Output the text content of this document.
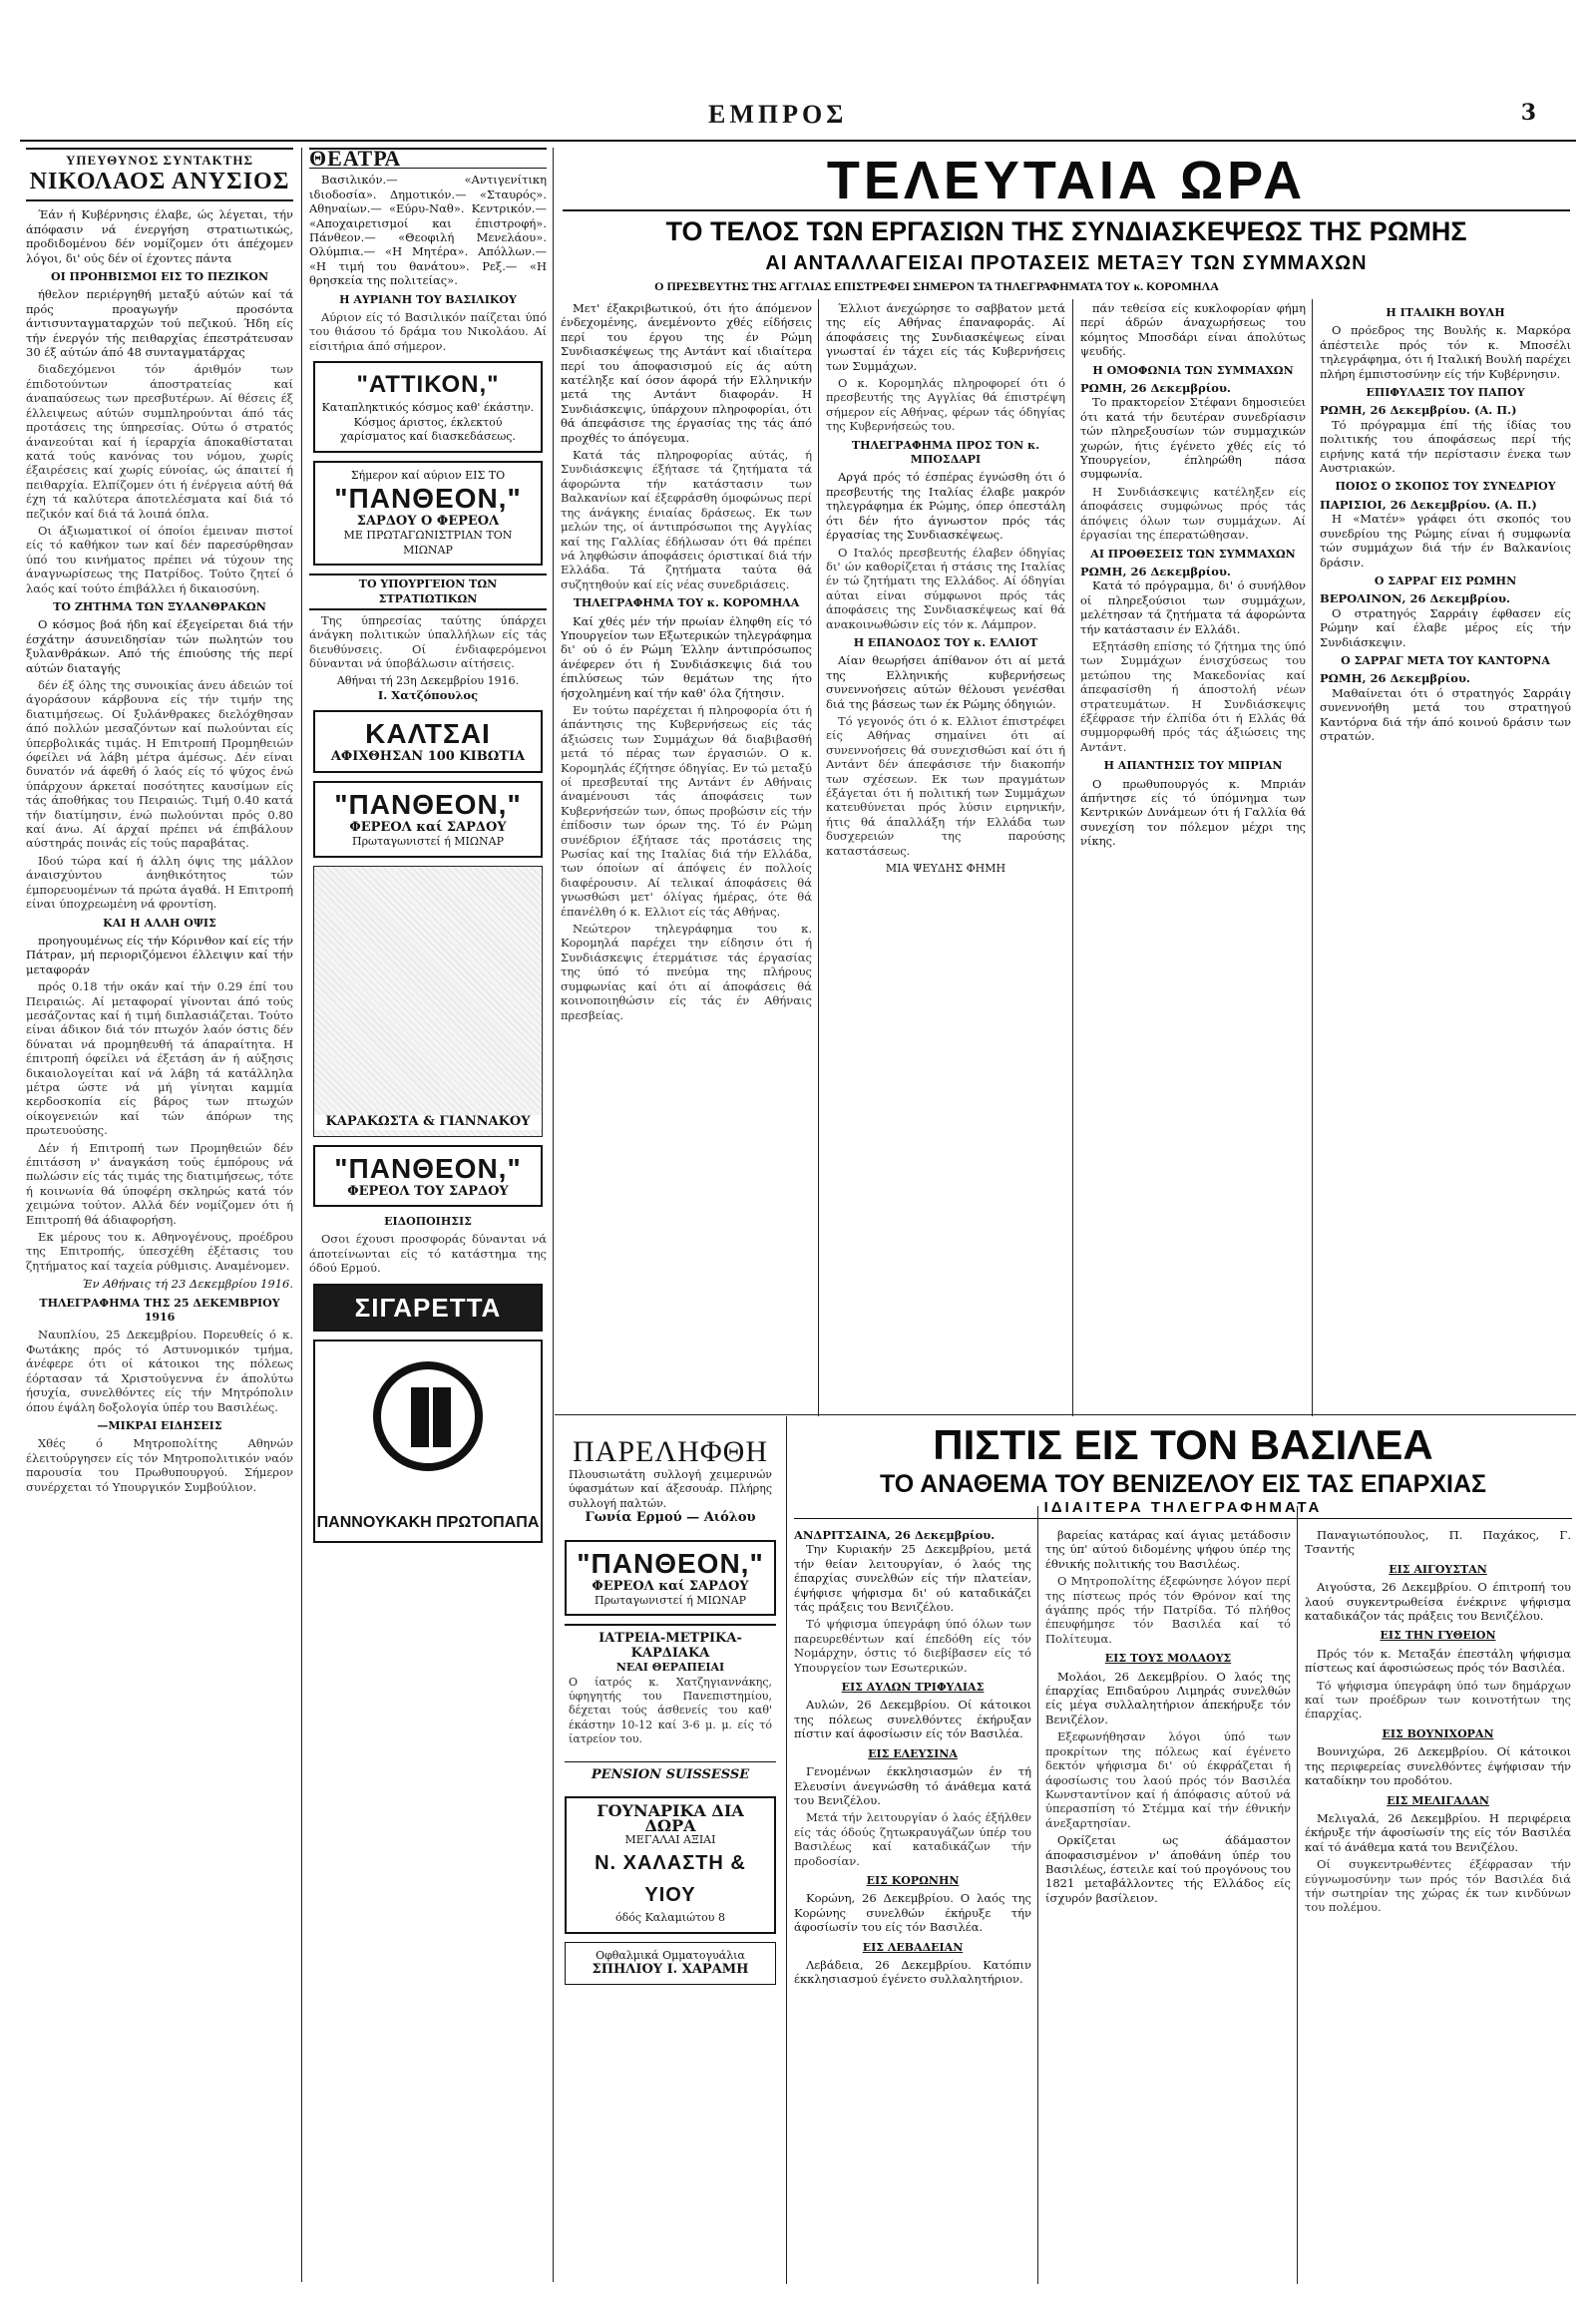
ΕΜΠΡΟΣ	3
ΥΠΕΥΘΥΝΟΣ ΣΥΝΤΑΚΤΗΣ
ΝΙΚΟΛΑΟΣ ΑΝΥΣΙΟΣ

Έάν ή Κυβέρνησις έλαβε, ώς λέγεται, τήν άπόφασιν νά ένεργήση στρατιωτικώς, προδιδομένου δέν νομίζομεν ότι άπέχομεν λόγοι, δι' ούς δέν οί έχοντες πάντα

ΟΙ ΠΡΟΗΒΙΣΜΟΙ ΕΙΣ ΤΟ ΠΕΖΙΚΟΝ

ήθελον περιέργηθή μεταξύ αύτών καί τά πρός προαγωγήν προσόντα άντισυνταγματαρχών τού πεζικού. Ήδη είς τήν ένεργόν τής πειθαρχίας έπεστράτευσαν 30 έξ αύτών άπό 48 συνταγματάρχας

διαδεχόμενοι τόν άριθμόν των έπιδοτούντων άποστρατείας καί άναπαύσεως των πρεσβυτέρων. Αί θέσεις έξ έλλειψεως αύτών συμπληρούνται άπό τάς προτάσεις της ύπηρεσίας. Ούτω ό στρατός άνανεούται καί ή ίεραρχία άποκαθίσταται κατά τούς κανόνας του νόμου, χωρίς έξαιρέσεις καί χωρίς εύνοίας, ώς άπαιτεί ή πειθαρχία. Ελπίζομεν ότι ή ένέργεια αύτή θά έχη τά καλύτερα άποτελέσματα καί διά τό πεζικόν καί διά τά λοιπά όπλα.

Οι άξιωματικοί οί όποίοι έμειναν πιστοί είς τό καθήκον των καί δέν παρεσύρθησαν ύπό του κινήματος πρέπει νά τύχουν της άναγνωρίσεως της Πατρίδος. Τούτο ζητεί ό λαός καί τούτο έπιβάλλει ή δικαιοσύνη.

ΤΟ ΖΗΤΗΜΑ ΤΩΝ ΞΥΛΑΝΘΡΑΚΩΝ

Ο κόσμος βοά ήδη καί έξεγείρεται διά τήν έσχάτην άσυνειδησίαν τών πωλητών του ξυλανθράκων. Από τής έπιούσης τής περί αύτών διαταγής

δέν έξ όλης της συνοικίας άνευ άδειών τοί άγοράσουν κάρβουνα είς τήν τιμήν της διατιμήσεως. Οί ξυλάνθρακες διελόχθησαν άπό πολλών μεσαζόντων καί πωλούνται είς ύπερβολικάς τιμάς. Η Επιτροπή Προμηθειών όφείλει νά λάβη μέτρα άμέσως. Δέν είναι δυνατόν νά άφεθή ό λαός είς τό ψύχος ένώ ύπάρχουν άρκεταί ποσότητες καυσίμων είς τάς άποθήκας του Πειραιώς. Τιμή 0.40 κατά τήν διατίμησιν, ένώ πωλούνται πρός 0.80 καί άνω. Αί άρχαί πρέπει νά έπιβάλουν αύστηράς ποινάς είς τούς παραβάτας.

Ιδού τώρα καί ή άλλη όψις της μάλλον άναισχύντου άνηθικότητος τών έμπορευομένων τά πρώτα άγαθά. Η Επιτροπή είναι ύποχρεωμένη νά φροντίση.

ΚΑΙ Η ΑΛΛΗ ΟΨΙΣ

προηγουμένως είς τήν Κόρινθον καί είς τήν Πάτραν, μή περιοριζόμενοι έλλειψιν καί τήν μεταφοράν

πρός 0.18 τήν οκάν καί τήν 0.29 έπί του Πειραιώς. Αί μεταφοραί γίνονται άπό τούς μεσάζοντας καί ή τιμή διπλασιάζεται. Τούτο είναι άδικον διά τόν πτωχόν λαόν όστις δέν δύναται νά προμηθευθή τά άπαραίτητα. Η έπιτροπή όφείλει νά έξετάση άν ή αύξησις δικαιολογείται καί νά λάβη τά κατάλληλα μέτρα ώστε νά μή γίνηται καμμία κερδοσκοπία είς βάρος των πτωχών οίκογενειών καί τών άπόρων της πρωτευούσης.

Δέν ή Επιτροπή των Προμηθειών δέν έπιτάσση ν' άναγκάση τούς έμπόρους νά πωλώσιν είς τάς τιμάς της διατιμήσεως, τότε ή κοινωνία θά ύποφέρη σκληρώς κατά τόν χειμώνα τούτον. Αλλά δέν νομίζομεν ότι ή Επιτροπή θά άδιαφορήση.

Εκ μέρους του κ. Αθηνογένους, προέδρου της Επιτροπής, ύπεσχέθη έξέτασις του ζητήματος καί ταχεία ρύθμισις. Αναμένομεν.

Έν Αθήναις τή 23 Δεκεμβρίου 1916.
ΤΗΛΕΓΡΑΦΗΜΑ ΤΗΣ 25 ΔΕΚΕΜΒΡΙΟΥ 1916

Ναυπλίου, 25 Δεκεμβρίου. Πορευθείς ό κ. Φωτάκης πρός τό Αστυνομικόν τμήμα, άνέφερε ότι οί κάτοικοι της πόλεως έόρτασαν τά Χριστούγεννα έν άπολύτω ήσυχία, συνελθόντες είς τήν Μητρόπολιν όπου έψάλη δοξολογία ύπέρ του Βασιλέως.

—ΜΙΚΡΑΙ ΕΙΔΗΣΕΙΣ

Χθές ό Μητροπολίτης Αθηνών έλειτούργησεν είς τόν Μητροπολιτικόν ναόν παρουσία του Πρωθυπουργού. Σήμερον συνέρχεται τό Υπουργικόν Συμβούλιον.

ΘΕΑΤΡΑ

Βασιλικόν.— «Αντιγενίτικη ιδιοδοσία». Δημοτικόν.— «Σταυρός». Αθηναίων.— «Εύρυ-Ναθ». Κεντρικόν.— «Αποχαιρετισμοί και έπιστροφή». Πάνθεον.— «Θεοφιλή Μενελάου». Ολύμπια.— «Η Μητέρα». Απόλλων.— «Η τιμή του θανάτου». Ρεξ.— «Η θρησκεία της πολιτείας».

Η ΑΥΡΙΑΝΗ ΤΟΥ ΒΑΣΙΛΙΚΟΥ

Αύριον είς τό Βασιλικόν παίζεται ύπό του θιάσου τό δράμα του Νικολάου. Αί είσιτήρια άπό σήμερον.

"ΑΤΤΙΚΟΝ,"
Καταπληκτικός κόσμος καθ' έκάστην. Κόσμος άριστος, έκλεκτού χαρίσματος καί διασκεδάσεως.
Σήμερον καί αύριον ΕΙΣ ΤΟ
"ΠΑΝΘΕΟΝ,"
ΣΑΡΔΟΥ Ο ΦΕΡΕΟΛ
ΜΕ ΠΡΩΤΑΓΩΝΙΣΤΡΙΑΝ ΤΟΝ ΜΙΩΝΑΡ
ΤΟ ΥΠΟΥΡΓΕΙΟΝ ΤΩΝ ΣΤΡΑΤΙΩΤΙΚΩΝ

Της ύπηρεσίας ταύτης ύπάρχει άνάγκη πολιτικών ύπαλλήλων είς τάς διευθύνσεις. Οί ένδιαφερόμενοι δύνανται νά ύποβάλωσιν αίτήσεις.

Αθήναι τή 23η Δεκεμβρίου 1916.
Ι. Χατζόπουλος
ΚΑΛΤΣΑΙ
ΑΦΙΧΘΗΣΑΝ 100 ΚΙΒΩΤΙΑ
"ΠΑΝΘΕΟΝ,"
ΦΕΡΕΟΛ καί ΣΑΡΔΟΥ
Πρωταγωνιστεί ή ΜΙΩΝΑΡ
ΚΑΡΑΚΩΣΤΑ & ΓΙΑΝΝΑΚΟΥ
"ΠΑΝΘΕΟΝ,"
ΦΕΡΕΟΛ ΤΟΥ ΣΑΡΔΟΥ
ΕΙΔΟΠΟΙΗΣΙΣ

Οσοι έχουσι προσφοράς δύνανται νά άποτείνωνται είς τό κατάστημα της όδού Ερμού.

ΣΙΓΑΡΕΤΤΑ
ΠΑΝΝΟΥΚΑΚΗ ΠΡΩΤΟΠΑΠΑ
ΤΕΛΕΥΤΑΙΑ ΩΡΑ
ΤΟ ΤΕΛΟΣ ΤΩΝ ΕΡΓΑΣΙΩΝ ΤΗΣ ΣΥΝΔΙΑΣΚΕΨΕΩΣ ΤΗΣ ΡΩΜΗΣ
ΑΙ ΑΝΤΑΛΛΑΓΕΙΣΑΙ ΠΡΟΤΑΣΕΙΣ ΜΕΤΑΞΥ ΤΩΝ ΣΥΜΜΑΧΩΝ
Ο ΠΡΕΣΒΕΥΤΗΣ ΤΗΣ ΑΓΓΛΙΑΣ ΕΠΙΣΤΡΕΦΕΙ ΣΗΜΕΡΟΝ ΤΑ ΤΗΛΕΓΡΑΦΗΜΑΤΑ ΤΟΥ κ. ΚΟΡΟΜΗΛΑ

Μετ' έξακριβωτικού, ότι ήτο άπόμενον ένδεχομένης, άνεμένοντο χθές είδήσεις περί του έργου της έν Ρώμη Συνδιασκέψεως της Αντάντ καί ιδιαίτερα περί του άποφασισμού είς άς αύτη κατέληξε καί όσον άφορά τήν Ελληνικήν μετά της Αντάντ διαφοράν. Η Συνδιάσκεψις, ύπάρχουν πληροφορίαι, ότι θά άπεφάσισε της έργασίας της τάς άπό προχθές το άπόγευμα.

Κατά τάς πληροφορίας αύτάς, ή Συνδιάσκεψις έξήτασε τά ζητήματα τά άφορώντα τήν κατάστασιν των Βαλκανίων καί έξεφράσθη όμοφώνως περί της άνάγκης ένιαίας δράσεως. Εκ των μελών της, οί άντιπρόσωποι της Αγγλίας καί της Γαλλίας έδήλωσαν ότι θά πρέπει νά ληφθώσιν άποφάσεις όριστικαί διά τήν Ελλάδα. Τά ζητήματα ταύτα θά συζητηθούν καί είς νέας συνεδριάσεις.

ΤΗΛΕΓΡΑΦΗΜΑ ΤΟΥ κ. ΚΟΡΟΜΗΛΑ

Καί χθές μέν τήν πρωίαν έληφθη είς τό Υπουργείον των Εξωτερικών τηλεγράφημα δι' ού ό έν Ρώμη Έλλην άντιπρόσωπος άνέφερεν ότι ή Συνδιάσκεψις διά του έπιλύσεως τών θεμάτων της ήτο ήσχολημένη καί τήν καθ' όλα ζήτησιν.

Εν τούτω παρέχεται ή πληροφορία ότι ή άπάντησις της Κυβερνήσεως είς τάς άξιώσεις των Συμμάχων θά διαβιβασθή μετά τό πέρας των έργασιών. Ο κ. Κορομηλάς έζήτησε όδηγίας. Εν τώ μεταξύ οί πρεσβευταί της Αντάντ έν Αθήναις άναμένουσι τάς άποφάσεις των Κυβερνήσεών των, όπως προβώσιν είς τήν έπίδοσιν των όρων της. Τό έν Ρώμη συνέδριον έξήτασε τάς προτάσεις της Ρωσίας καί της Ιταλίας διά τήν Ελλάδα, των όποίων αί άπόψεις έν πολλοίς διαφέρουσιν. Αί τελικαί άποφάσεις θά γνωσθώσι μετ' όλίγας ήμέρας, ότε θά έπανέλθη ό κ. Ελλιοτ είς τάς Αθήνας.

Νεώτερον τηλεγράφημα του κ. Κορομηλά παρέχει την είδησιν ότι ή Συνδιάσκεψις έτερμάτισε τάς έργασίας της ύπό τό πνεύμα της πλήρους συμφωνίας καί ότι αί άποφάσεις θά κοινοποιηθώσιν είς τάς έν Αθήναις πρεσβείας.

Έλλιοτ άνεχώρησε το σαββατον μετά της είς Αθήνας έπαναφοράς. Αί άποφάσεις της Συνδιασκέψεως είναι γνωσταί έν τάχει είς τάς Κυβερνήσεις των Συμμάχων.

Ο κ. Κορομηλάς πληροφορεί ότι ό πρεσβευτής της Αγγλίας θά έπιστρέψη σήμερον είς Αθήνας, φέρων τάς όδηγίας της Κυβερνήσεώς του.

ΤΗΛΕΓΡΑΦΗΜΑ ΠΡΟΣ ΤΟΝ κ. ΜΠΟΣΔΑΡΙ

Αργά πρός τό έσπέρας έγνώσθη ότι ό πρεσβευτής της Ιταλίας έλαβε μακρόν τηλεγράφημα έκ Ρώμης, όπερ όπεστάλη ότι δέν ήτο άγνωστον πρός τάς έργασίας της Συνδιασκέψεως.

Ο Ιταλός πρεσβευτής έλαβεν όδηγίας δι' ών καθορίζεται ή στάσις της Ιταλίας έν τώ ζητήματι της Ελλάδος. Αί όδηγίαι αύται είναι σύμφωνοι πρός τάς άποφάσεις της Συνδιασκέψεως καί θά ανακοινωθώσιν είς τόν κ. Λάμπρον.

Η ΕΠΑΝΟΔΟΣ ΤΟΥ κ. ΕΛΛΙΟΤ

Αίαν θεωρήσει άπίθανον ότι αί μετά της Ελληνικής κυβερνήσεως συνεννοήσεις αύτών θέλουσι γενέσθαι διά της βάσεως των έκ Ρώμης όδηγιών.

Τό γεγονός ότι ό κ. Ελλιοτ έπιστρέφει είς Αθήνας σημαίνει ότι αί συνεννοήσεις θά συνεχισθώσι καί ότι ή Αντάντ δέν άπεφάσισε τήν διακοπήν των σχέσεων. Εκ των πραγμάτων έξάγεται ότι ή πολιτική των Συμμάχων κατευθύνεται πρός λύσιν ειρηνικήν, ήτις θά άπαλλάξη τήν Ελλάδα των δυσχερειών της παρούσης καταστάσεως.

ΜΙΑ ΨΕΥΔΗΣ ΦΗΜΗ

πάν τεθείσα είς κυκλοφορίαν φήμη περί άδρών άναχωρήσεως του κόμητος Μποσδάρι είναι άπολύτως ψευδής.

Η ΟΜΟΦΩΝΙΑ ΤΩΝ ΣΥΜΜΑΧΩΝ
ΡΩΜΗ, 26 Δεκεμβρίου.

Το πρακτορείον Στέφανι δημοσιεύει ότι κατά τήν δευτέραν συνεδρίασιν τών πληρεξουσίων τών συμμαχικών χωρών, ήτις έγένετο χθές είς τό Υπουργείον, έπληρώθη πάσα συμφωνία.

Η Συνδιάσκεψις κατέληξεν είς άποφάσεις συμφώνως πρός τάς άπόψεις όλων των συμμάχων. Αί έργασίαι της έπερατώθησαν.

ΑΙ ΠΡΟΘΕΣΕΙΣ ΤΩΝ ΣΥΜΜΑΧΩΝ
ΡΩΜΗ, 26 Δεκεμβρίου.

Κατά τό πρόγραμμα, δι' ό συνήλθον οί πληρεξούσιοι των συμμάχων, μελέτησαν τά ζητήματα τά άφορώντα τήν κατάστασιν έν Ελλάδι.

Εξητάσθη επίσης τό ζήτημα της ύπό των Συμμάχων ένισχύσεως του μετώπου της Μακεδονίας καί άπεφασίσθη ή άποστολή νέων στρατευμάτων. Η Συνδιάσκεψις έξέφρασε τήν έλπίδα ότι ή Ελλάς θά συμμορφωθή πρός τάς άξιώσεις της Αντάντ.

Η ΑΠΑΝΤΗΣΙΣ ΤΟΥ ΜΠΡΙΑΝ

Ο πρωθυπουργός κ. Μπριάν άπήντησε είς τό ύπόμνημα των Κεντρικών Δυνάμεων ότι ή Γαλλία θά συνεχίση τον πόλεμον μέχρι της νίκης.

Η ΙΤΑΛΙΚΗ ΒΟΥΛΗ

Ο πρόεδρος της Βουλής κ. Μαρκόρα άπέστειλε πρός τόν κ. Μποσέλι τηλεγράφημα, ότι ή Ιταλική Βουλή παρέχει πλήρη έμπιστοσύνην είς τήν Κυβέρνησιν.

ΕΠΙΦΥΛΑΞΙΣ ΤΟΥ ΠΑΠΟΥ
ΡΩΜΗ, 26 Δεκεμβρίου. (Α. Π.)

Τό πρόγραμμα έπί τής ίδίας του πολιτικής του άποφάσεως περί τής ειρήνης κατά τήν περίστασιν ένεκα των Αυστριακών.

ΠΟΙΟΣ Ο ΣΚΟΠΟΣ ΤΟΥ ΣΥΝΕΔΡΙΟΥ
ΠΑΡΙΣΙΟΙ, 26 Δεκεμβρίου. (Α. Π.)

Η «Ματέν» γράφει ότι σκοπός του συνεδρίου της Ρώμης είναι ή συμφωνία τών συμμάχων διά τήν έν Βαλκανίοις δράσιν.

Ο ΣΑΡΡΑΓ ΕΙΣ ΡΩΜΗΝ
ΒΕΡΟΛΙΝΟΝ, 26 Δεκεμβρίου.

Ο στρατηγός Σαρράιγ έφθασεν είς Ρώμην καί έλαβε μέρος είς τήν Συνδιάσκεψιν.

Ο ΣΑΡΡΑΓ ΜΕΤΑ ΤΟΥ ΚΑΝΤΟΡΝΑ
ΡΩΜΗ, 26 Δεκεμβρίου.

Μαθαίνεται ότι ό στρατηγός Σαρράιγ συνεννοήθη μετά του στρατηγού Καντόρνα διά τήν άπό κοινού δράσιν των στρατών.

ΠΑΡΕΛΗΦΘΗ
Πλουσιωτάτη συλλογή χειμερινών ύφασμάτων καί άξεσουάρ. Πλήρης συλλογή παλτών.
Γωνία Ερμού — Αιόλου
"ΠΑΝΘΕΟΝ,"
ΦΕΡΕΟΛ καί ΣΑΡΔΟΥ
Πρωταγωνιστεί ή ΜΙΩΝΑΡ
ΙΑΤΡΕΙΑ-ΜΕΤΡΙΚΑ-ΚΑΡΔΙΑΚΑ
ΝΕΑΙ ΘΕΡΑΠΕΙΑΙ
Ο ίατρός κ. Χατζηγιαννάκης, ύφηγητής του Πανεπιστημίου, δέχεται τούς άσθενείς του καθ' έκάστην 10-12 καί 3-6 μ. μ. είς τό ίατρείον του.
PENSION SUISSESSE
ΓΟΥΝΑΡΙΚΑ ΔΙΑ ΔΩΡΑ
ΜΕΓΑΛΑΙ ΑΞΙΑΙ
Ν. ΧΑΛΑΣΤΗ & ΥΙΟΥ
όδός Καλαμιώτου 8
Οφθαλμικά Ομματογυάλια
ΣΠΗΛΙΟΥ Ι. ΧΑΡΑΜΗ
ΠΙΣΤΙΣ ΕΙΣ ΤΟΝ ΒΑΣΙΛΕΑ
ΤΟ ΑΝΑΘΕΜΑ ΤΟΥ ΒΕΝΙΖΕΛΟΥ ΕΙΣ ΤΑΣ ΕΠΑΡΧΙΑΣ
ΙΔΙΑΙΤΕΡΑ ΤΗΛΕΓΡΑΦΗΜΑΤΑ
ΑΝΔΡΙΤΣΑΙΝΑ, 26 Δεκεμβρίου.

Την Κυριακήν 25 Δεκεμβρίου, μετά τήν θείαν λειτουργίαν, ό λαός της έπαρχίας συνελθών είς τήν πλατείαν, έψήφισε ψήφισμα δι' ού καταδικάζει τάς πράξεις του Βενιζέλου.

Τό ψήφισμα ύπεγράφη ύπό όλων των παρευρεθέντων καί έπεδόθη είς τόν Νομάρχην, όστις τό διεβίβασεν είς τό Υπουργείον των Εσωτερικών.

ΕΙΣ ΑΥΛΩΝ ΤΡΙΦΥΛΙΑΣ

Αυλών, 26 Δεκεμβρίου. Οί κάτοικοι της πόλεως συνελθόντες έκήρυξαν πίστιν καί άφοσίωσιν είς τόν Βασιλέα.

ΕΙΣ ΕΛΕΥΣΙΝΑ

Γενομένων έκκλησιασμών έν τή Ελευσίνι άνεγνώσθη τό άνάθεμα κατά του Βενιζέλου.

Μετά τήν λειτουργίαν ό λαός έξήλθεν είς τάς όδούς ζητωκραυγάζων ύπέρ του Βασιλέως καί καταδικάζων τήν προδοσίαν.

ΕΙΣ ΚΟΡΩΝΗΝ

Κορώνη, 26 Δεκεμβρίου. Ο λαός της Κορώνης συνελθών έκήρυξε τήν άφοσίωσίν του είς τόν Βασιλέα.

ΕΙΣ ΛΕΒΑΔΕΙΑΝ

Λεβάδεια, 26 Δεκεμβρίου. Κατόπιν έκκλησιασμού έγένετο συλλαλητήριον.

βαρείας κατάρας καί άγιας μετάδοσιν της ύπ' αύτού διδομένης ψήφου ύπέρ της έθνικής πολιτικής του Βασιλέως.

Ο Μητροπολίτης έξεφώνησε λόγον περί της πίστεως πρός τόν Θρόνον καί της άγάπης πρός τήν Πατρίδα. Τό πλήθος έπευφήμησε τόν Βασιλέα καί τό Πολίτευμα.

ΕΙΣ ΤΟΥΣ ΜΟΛΑΟΥΣ

Μολάοι, 26 Δεκεμβρίου. Ο λαός της έπαρχίας Επιδαύρου Λιμηράς συνελθών είς μέγα συλλαλητήριον άπεκήρυξε τόν Βενιζέλον.

Εξεφωνήθησαν λόγοι ύπό των προκρίτων της πόλεως καί έγένετο δεκτόν ψήφισμα δι' ού έκφράζεται ή άφοσίωσις του λαού πρός τόν Βασιλέα Κωνσταντίνον καί ή άπόφασις αύτού νά ύπερασπίση τό Στέμμα καί τήν έθνικήν άνεξαρτησίαν.

Ορκίζεται ως άδάμαστον άποφασισμένον ν' άποθάνη ύπέρ του Βασιλέως, έστειλε καί τού προγόνους του 1821 μεταβάλλοντες τής Ελλάδος είς ίσχυρόν βασίλειον.

Παναγιωτόπουλος, Π. Παχάκος, Γ. Τσαντής

ΕΙΣ ΑΙΓΟΥΣΤΑΝ

Αιγούστα, 26 Δεκεμβρίου. Ο έπιτροπή του λαού συγκεντρωθείσα ένέκρινε ψήφισμα καταδικάζον τάς πράξεις του Βενιζέλου.

ΕΙΣ ΤΗΝ ΓΥΘΕΙΟΝ

Πρός τόν κ. Μεταξάν έπεστάλη ψήφισμα πίστεως καί άφοσιώσεως πρός τόν Βασιλέα.

Τό ψήφισμα ύπεγράφη ύπό των δημάρχων καί των προέδρων των κοινοτήτων της έπαρχίας.

ΕΙΣ ΒΟΥΝΙΧΟΡΑΝ

Βουνιχώρα, 26 Δεκεμβρίου. Οί κάτοικοι της περιφερείας συνελθόντες έψήφισαν τήν καταδίκην του προδότου.

ΕΙΣ ΜΕΛΙΓΑΛΑΝ

Μελιγαλά, 26 Δεκεμβρίου. Η περιφέρεια έκήρυξε τήν άφοσίωσίν της είς τόν Βασιλέα καί τό άνάθεμα κατά του Βενιζέλου.

Οί συγκεντρωθέντες έξέφρασαν τήν εύγνωμοσύνην των πρός τόν Βασιλέα διά τήν σωτηρίαν της χώρας έκ των κινδύνων του πολέμου.
